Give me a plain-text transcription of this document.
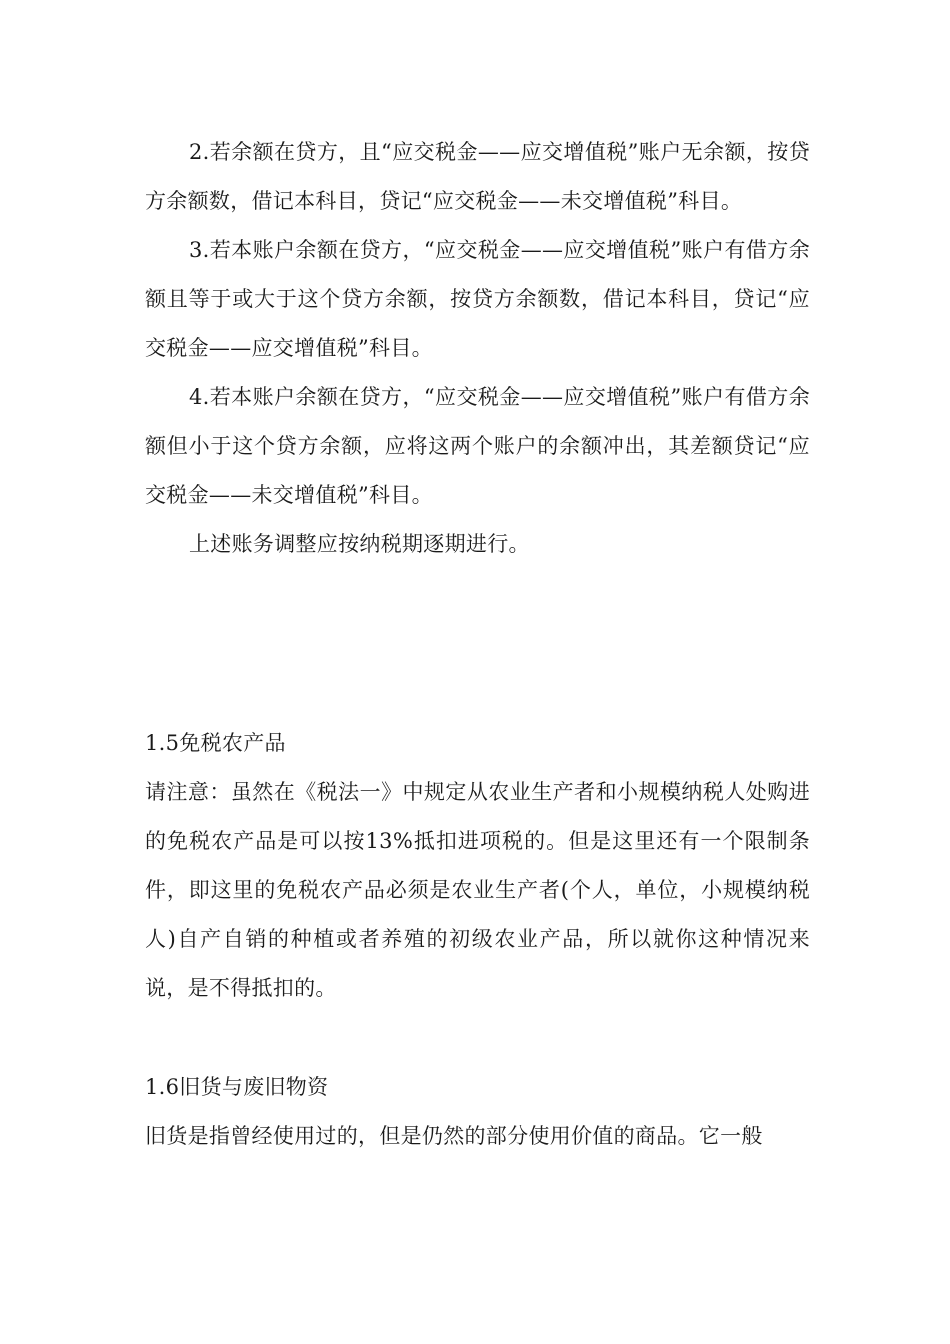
2.若余额在贷方，且“应交税金——应交增值税”账户无余额，按贷方余额数，借记本科目，贷记“应交税金——未交增值税”科目。

3.若本账户余额在贷方，“应交税金——应交增值税”账户有借方余额且等于或大于这个贷方余额，按贷方余额数，借记本科目，贷记“应交税金——应交增值税”科目。

4.若本账户余额在贷方，“应交税金——应交增值税”账户有借方余额但小于这个贷方余额，应将这两个账户的余额冲出，其差额贷记“应交税金——未交增值税”科目。

上述账务调整应按纳税期逐期进行。

1.5免税农产品

请注意：虽然在《税法一》中规定从农业生产者和小规模纳税人处购进的免税农产品是可以按13%抵扣进项税的。但是这里还有一个限制条件，即这里的免税农产品必须是农业生产者(个人，单位，小规模纳税人)自产自销的种植或者养殖的初级农业产品，所以就你这种情况来说，是不得抵扣的。

1.6旧货与废旧物资

旧货是指曾经使用过的，但是仍然的部分使用价值的商品。它一般
